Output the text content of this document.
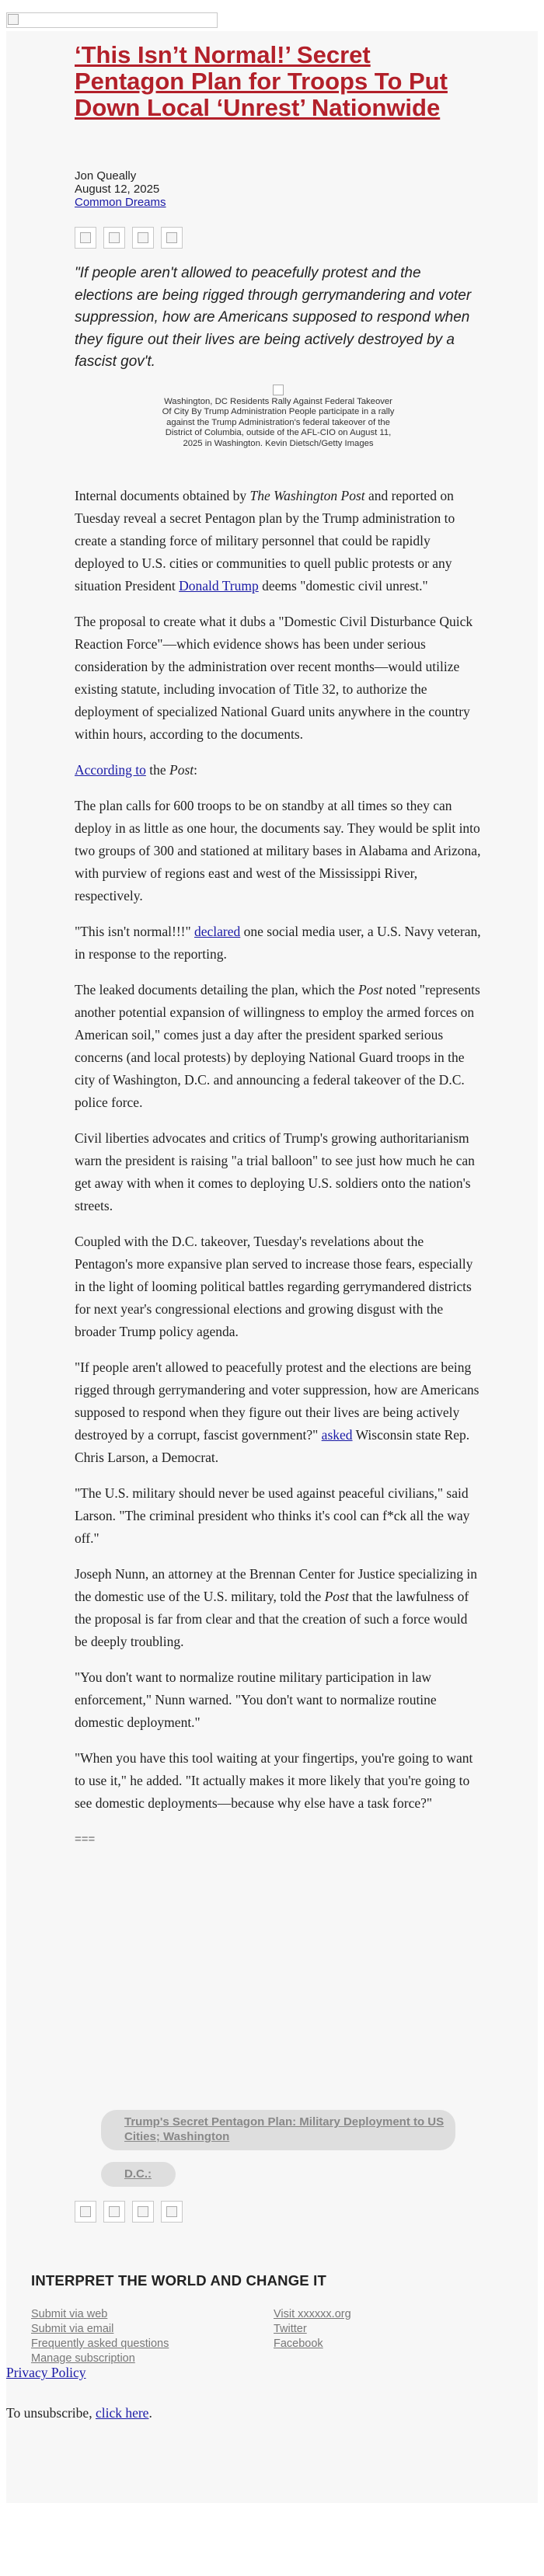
‘This Isn’t Normal!’ Secret Pentagon Plan for Troops To Put Down Local ‘Unrest’ Nationwide
Jon Queally
August 12, 2025
Common Dreams
"If people aren't allowed to peacefully protest and the elections are being rigged through gerrymandering and voter suppression, how are Americans supposed to respond when they figure out their lives are being actively destroyed by a fascist gov't.
Washington, DC Residents Rally Against Federal Takeover Of City By Trump Administration People participate in a rally against the Trump Administration's federal takeover of the District of Columbia, outside of the AFL-CIO on August 11, 2025 in Washington. Kevin Dietsch/Getty Images

Internal documents obtained by The Washington Post and reported on Tuesday reveal a secret Pentagon plan by the Trump administration to create a standing force of military personnel that could be rapidly deployed to U.S. cities or communities to quell public protests or any situation President Donald Trump deems "domestic civil unrest."

The proposal to create what it dubs a "Domestic Civil Disturbance Quick Reaction Force"—which evidence shows has been under serious consideration by the administration over recent months—would utilize existing statute, including invocation of Title 32, to authorize the deployment of specialized National Guard units anywhere in the country within hours, according to the documents.

According to the Post:

The plan calls for 600 troops to be on standby at all times so they can deploy in as little as one hour, the documents say. They would be split into two groups of 300 and stationed at military bases in Alabama and Arizona, with purview of regions east and west of the Mississippi River, respectively.

"This isn't normal!!!" declared one social media user, a U.S. Navy veteran, in response to the reporting.

The leaked documents detailing the plan, which the Post noted "represents another potential expansion of willingness to employ the armed forces on American soil," comes just a day after the president sparked serious concerns (and local protests) by deploying National Guard troops in the city of Washington, D.C. and announcing a federal takeover of the D.C. police force.

Civil liberties advocates and critics of Trump's growing authoritarianism warn the president is raising "a trial balloon" to see just how much he can get away with when it comes to deploying U.S. soldiers onto the nation's streets.

Coupled with the D.C. takeover, Tuesday's revelations about the Pentagon's more expansive plan served to increase those fears, especially in the light of looming political battles regarding gerrymandered districts for next year's congressional elections and growing disgust with the broader Trump policy agenda.

"If people aren't allowed to peacefully protest and the elections are being rigged through gerrymandering and voter suppression, how are Americans supposed to respond when they figure out their lives are being actively destroyed by a corrupt, fascist government?" asked Wisconsin state Rep. Chris Larson, a Democrat.

"The U.S. military should never be used against peaceful civilians," said Larson. "The criminal president who thinks it's cool can f*ck all the way off."

Joseph Nunn, an attorney at the Brennan Center for Justice specializing in the domestic use of the U.S. military, told the Post that the lawfulness of the proposal is far from clear and that the creation of such a force would be deeply troubling.

"You don't want to normalize routine military participation in law enforcement," Nunn warned. "You don't want to normalize routine domestic deployment."

"When you have this tool waiting at your fingertips, you're going to want to use it," he added. "It actually makes it more likely that you're going to see domestic deployments—because why else have a task force?"

===

Trump's Secret Pentagon Plan: Military Deployment to US Cities; Washington
D.C.:
INTERPRET THE WORLD AND CHANGE IT
Submit via web
Submit via email
Frequently asked questions
Manage subscription
Visit xxxxxx.org
Twitter
Facebook
Privacy Policy
To unsubscribe, click here.
